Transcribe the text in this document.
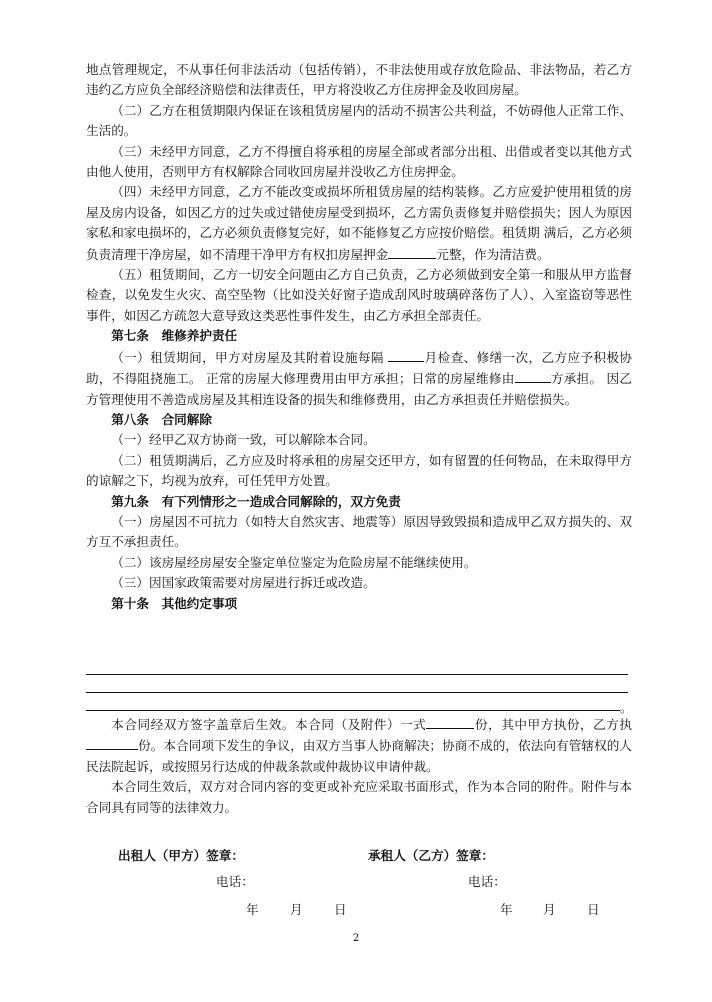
地点管理规定，不从事任何非法活动（包括传销），不非法使用或存放危险品、非法物品，若乙方违约乙方应负全部经济赔偿和法律责任，甲方将没收乙方住房押金及收回房屋。

（二）乙方在租赁期限内保证在该租赁房屋内的活动不损害公共利益，不妨碍他人正常工作、生活的。

（三）未经甲方同意，乙方不得擅自将承租的房屋全部或者部分出租、出借或者变以其他方式由他人使用，否则甲方有权解除合同收回房屋并没收乙方住房押金。

（四）未经甲方同意，乙方不能改变或损坏所租赁房屋的结构装修。乙方应爱护使用租赁的房屋及房内设备，如因乙方的过失或过错使房屋受到损坏，乙方需负责修复并赔偿损失；因人为原因家私和家电损坏的，乙方必须负责修复完好，如不能修复乙方应按价赔偿。租赁期 满后，乙方必须负责清理干净房屋，如不清理干净甲方有权扣房屋押金	元整，作为清洁费。

（五）租赁期间，乙方一切安全问题由乙方自己负责，乙方必须做到安全第一和服从甲方监督检查，以免发生火灾、高空坠物（比如没关好窗子造成刮风时玻璃碎落伤了人）、入室盗窃等恶性事件，如因乙方疏忽大意导致这类恶性事件发生，由乙方承担全部责任。

第七条　维修养护责任

（一）租赁期间，甲方对房屋及其附着设施每隔	月检查、修缮一次，乙方应予积极协助，不得阻挠施工。 正常的房屋大修理费用由甲方承担；日常的房屋维修由	方承担。 因乙方管理使用不善造成房屋及其相连设备的损失和维修费用，由乙方承担责任并赔偿损失。

第八条　合同解除

（一）经甲乙双方协商一致，可以解除本合同。

（二）租赁期满后，乙方应及时将承租的房屋交还甲方，如有留置的任何物品，在未取得甲方的谅解之下，均视为放弃，可任凭甲方处置。

第九条　有下列情形之一造成合同解除的，双方免责

（一）房屋因不可抗力（如特大自然灾害、地震等）原因导致毁损和造成甲乙双方损失的、双方互不承担责任。

（二）该房屋经房屋安全鉴定单位鉴定为危险房屋不能继续使用。

（三）因国家政策需要对房屋进行拆迁或改造。

第十条　其他约定事项

。

本合同经双方签字盖章后生效。本合同（及附件）一式	份，其中甲方执份，乙方执份。本合同项下发生的争议，由双方当事人协商解决；协商不成的，依法向有管辖权的人民法院起诉，或按照另行达成的仲裁条款或仲裁协议申请仲裁。

本合同生效后，双方对合同内容的变更或补充应采取书面形式，作为本合同的附件。附件与本合同具有同等的法律效力。

出租人（甲方）签章：	承租人（乙方）签章：
电话：	电话：
年 月 日	年 月 日
2
